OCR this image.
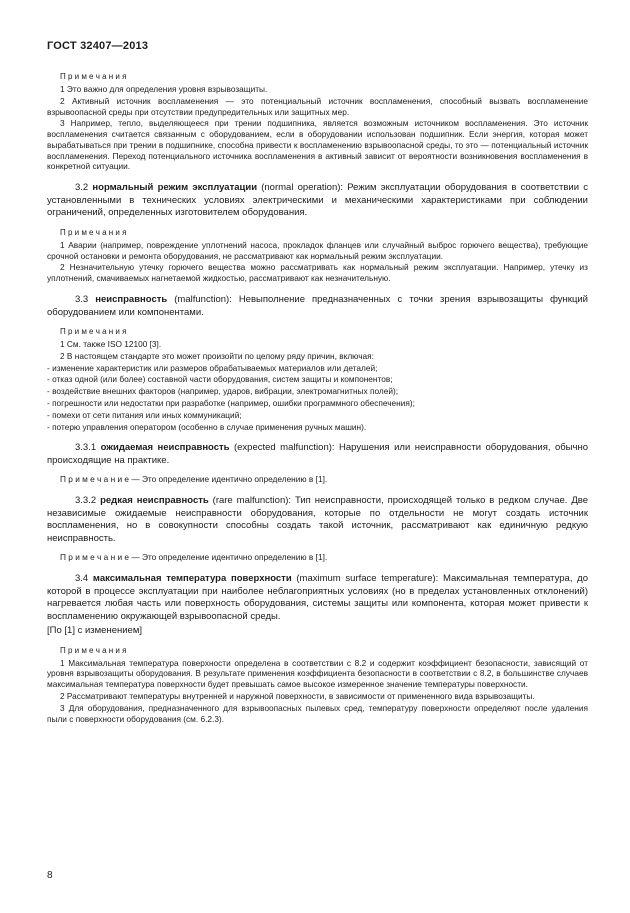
ГОСТ 32407—2013

П р и м е ч а н и я

1 Это важно для определения уровня взрывозащиты.

2 Активный источник воспламенения — это потенциальный источник воспламенения, способный вызвать воспламенение взрывоопасной среды при отсутствии предупредительных или защитных мер.

3 Например, тепло, выделяющееся при трении подшипника, является возможным источником воспламенения. Это источник воспламенения считается связанным с оборудованием, если в оборудовании использован подшипник. Если энергия, которая может вырабатываться при трении в подшипнике, способна привести к воспламенению взрывоопасной среды, то это — потенциальный источник воспламенения. Переход потенциального источника воспламенения в активный зависит от вероятности возникновения воспламенения в конкретной ситуации.

3.2 нормальный режим эксплуатации (normal operation): Режим эксплуатации оборудования в соответствии с установленными в технических условиях электрическими и механическими характеристиками при соблюдении ограничений, определенных изготовителем оборудования.

П р и м е ч а н и я

1 Аварии (например, повреждение уплотнений насоса, прокладок фланцев или случайный выброс горючего вещества), требующие срочной остановки и ремонта оборудования, не рассматривают как нормальный режим эксплуатации.

2 Незначительную утечку горючего вещества можно рассматривать как нормальный режим эксплуатации. Например, утечку из уплотнений, смачиваемых нагнетаемой жидкостью, рассматривают как незначительную.

3.3 неисправность (malfunction): Невыполнение предназначенных с точки зрения взрывозащиты функций оборудованием или компонентами.

П р и м е ч а н и я

1 См. также ISO 12100 [3].

2 В настоящем стандарте это может произойти по целому ряду причин, включая:

- изменение характеристик или размеров обрабатываемых материалов или деталей;

- отказ одной (или более) составной части оборудования, систем защиты и компонентов;

- воздействие внешних факторов (например, ударов, вибрации, электромагнитных полей);

- погрешности или недостатки при разработке (например, ошибки программного обеспечения);

- помехи от сети питания или иных коммуникаций;

- потерю управления оператором (особенно в случае применения ручных машин).

3.3.1 ожидаемая неисправность (expected malfunction): Нарушения или неисправности оборудования, обычно происходящие на практике.

П р и м е ч а н и е — Это определение идентично определению в [1].

3.3.2 редкая неисправность (rare malfunction): Тип неисправности, происходящей только в редком случае. Две независимые ожидаемые неисправности оборудования, которые по отдельности не могут создать источник воспламенения, но в совокупности способны создать такой источник, рассматривают как единичную редкую неисправность.

П р и м е ч а н и е — Это определение идентично определению в [1].

3.4 максимальная температура поверхности (maximum surface temperature): Максимальная температура, до которой в процессе эксплуатации при наиболее неблагоприятных условиях (но в пределах установленных отклонений) нагревается любая часть или поверхность оборудования, системы защиты или компонента, которая может привести к воспламенению окружающей взрывоопасной среды.

[По [1] с изменением]

П р и м е ч а н и я

1 Максимальная температура поверхности определена в соответствии с 8.2 и содержит коэффициент безопасности, зависящий от уровня взрывозащиты оборудования. В результате применения коэффициента безопасности в соответствии с 8.2, в большинстве случаев максимальная температура поверхности будет превышать самое высокое измеренное значение температуры поверхности.

2 Рассматривают температуры внутренней и наружной поверхности, в зависимости от примененного вида взрывозащиты.

3 Для оборудования, предназначенного для взрывоопасных пылевых сред, температуру поверхности определяют после удаления пыли с поверхности оборудования (см. 6.2.3).

8
